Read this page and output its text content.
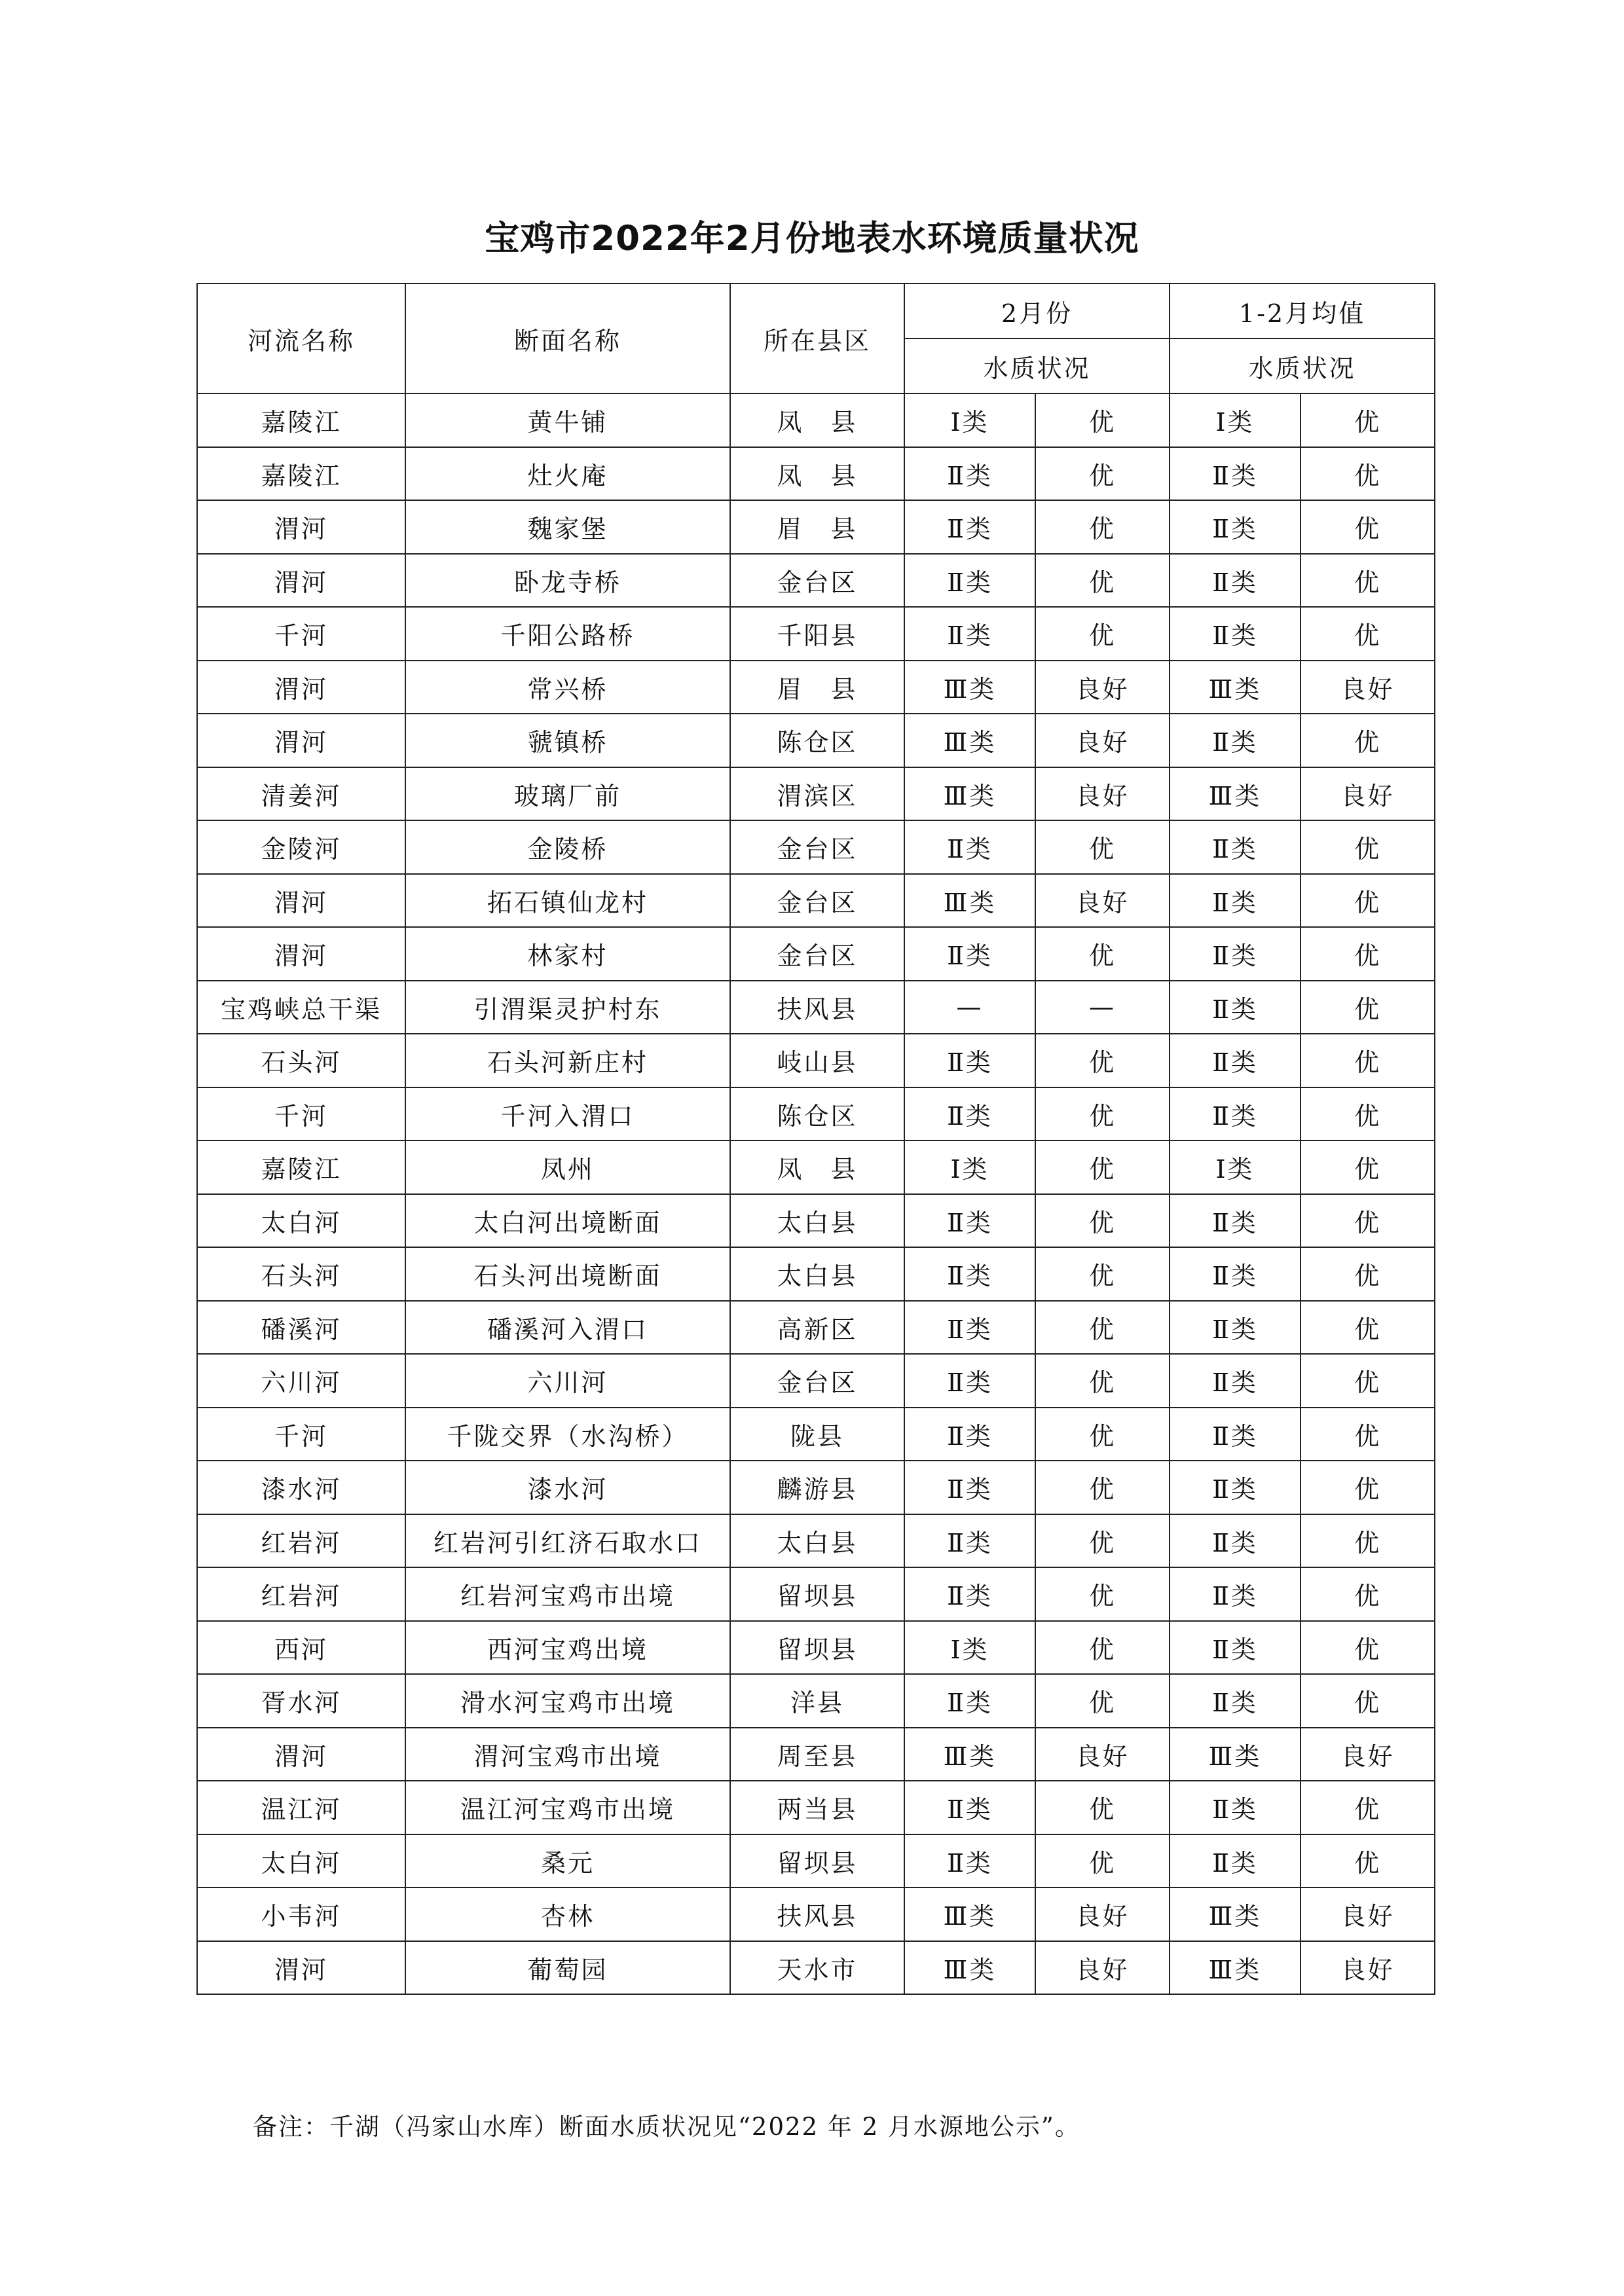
宝鸡市2022年2月份地表水环境质量状况
河流名称	断面名称	所在县区	2月份		1-2月均值	
			水质状况		水质状况	
嘉陵江	黄牛铺	凤　县	Ⅰ类	优	Ⅰ类	优
嘉陵江	灶火庵	凤　县	Ⅱ类	优	Ⅱ类	优
渭河	魏家堡	眉　县	Ⅱ类	优	Ⅱ类	优
渭河	卧龙寺桥	金台区	Ⅱ类	优	Ⅱ类	优
千河	千阳公路桥	千阳县	Ⅱ类	优	Ⅱ类	优
渭河	常兴桥	眉　县	Ⅲ类	良好	Ⅲ类	良好
渭河	虢镇桥	陈仓区	Ⅲ类	良好	Ⅱ类	优
清姜河	玻璃厂前	渭滨区	Ⅲ类	良好	Ⅲ类	良好
金陵河	金陵桥	金台区	Ⅱ类	优	Ⅱ类	优
渭河	拓石镇仙龙村	金台区	Ⅲ类	良好	Ⅱ类	优
渭河	林家村	金台区	Ⅱ类	优	Ⅱ类	优
宝鸡峡总干渠	引渭渠灵护村东	扶风县	—	—	Ⅱ类	优
石头河	石头河新庄村	岐山县	Ⅱ类	优	Ⅱ类	优
千河	千河入渭口	陈仓区	Ⅱ类	优	Ⅱ类	优
嘉陵江	凤州	凤　县	Ⅰ类	优	Ⅰ类	优
太白河	太白河出境断面	太白县	Ⅱ类	优	Ⅱ类	优
石头河	石头河出境断面	太白县	Ⅱ类	优	Ⅱ类	优
磻溪河	磻溪河入渭口	高新区	Ⅱ类	优	Ⅱ类	优
六川河	六川河	金台区	Ⅱ类	优	Ⅱ类	优
千河	千陇交界（水沟桥）	陇县	Ⅱ类	优	Ⅱ类	优
漆水河	漆水河	麟游县	Ⅱ类	优	Ⅱ类	优
红岩河	红岩河引红济石取水口	太白县	Ⅱ类	优	Ⅱ类	优
红岩河	红岩河宝鸡市出境	留坝县	Ⅱ类	优	Ⅱ类	优
西河	西河宝鸡出境	留坝县	Ⅰ类	优	Ⅱ类	优
胥水河	滑水河宝鸡市出境	洋县	Ⅱ类	优	Ⅱ类	优
渭河	渭河宝鸡市出境	周至县	Ⅲ类	良好	Ⅲ类	良好
温江河	温江河宝鸡市出境	两当县	Ⅱ类	优	Ⅱ类	优
太白河	桑元	留坝县	Ⅱ类	优	Ⅱ类	优
小韦河	杏林	扶风县	Ⅲ类	良好	Ⅲ类	良好
渭河	葡萄园	天水市	Ⅲ类	良好	Ⅲ类	良好
备注：千湖（冯家山水库）断面水质状况见“2022 年 2 月水源地公示”。
